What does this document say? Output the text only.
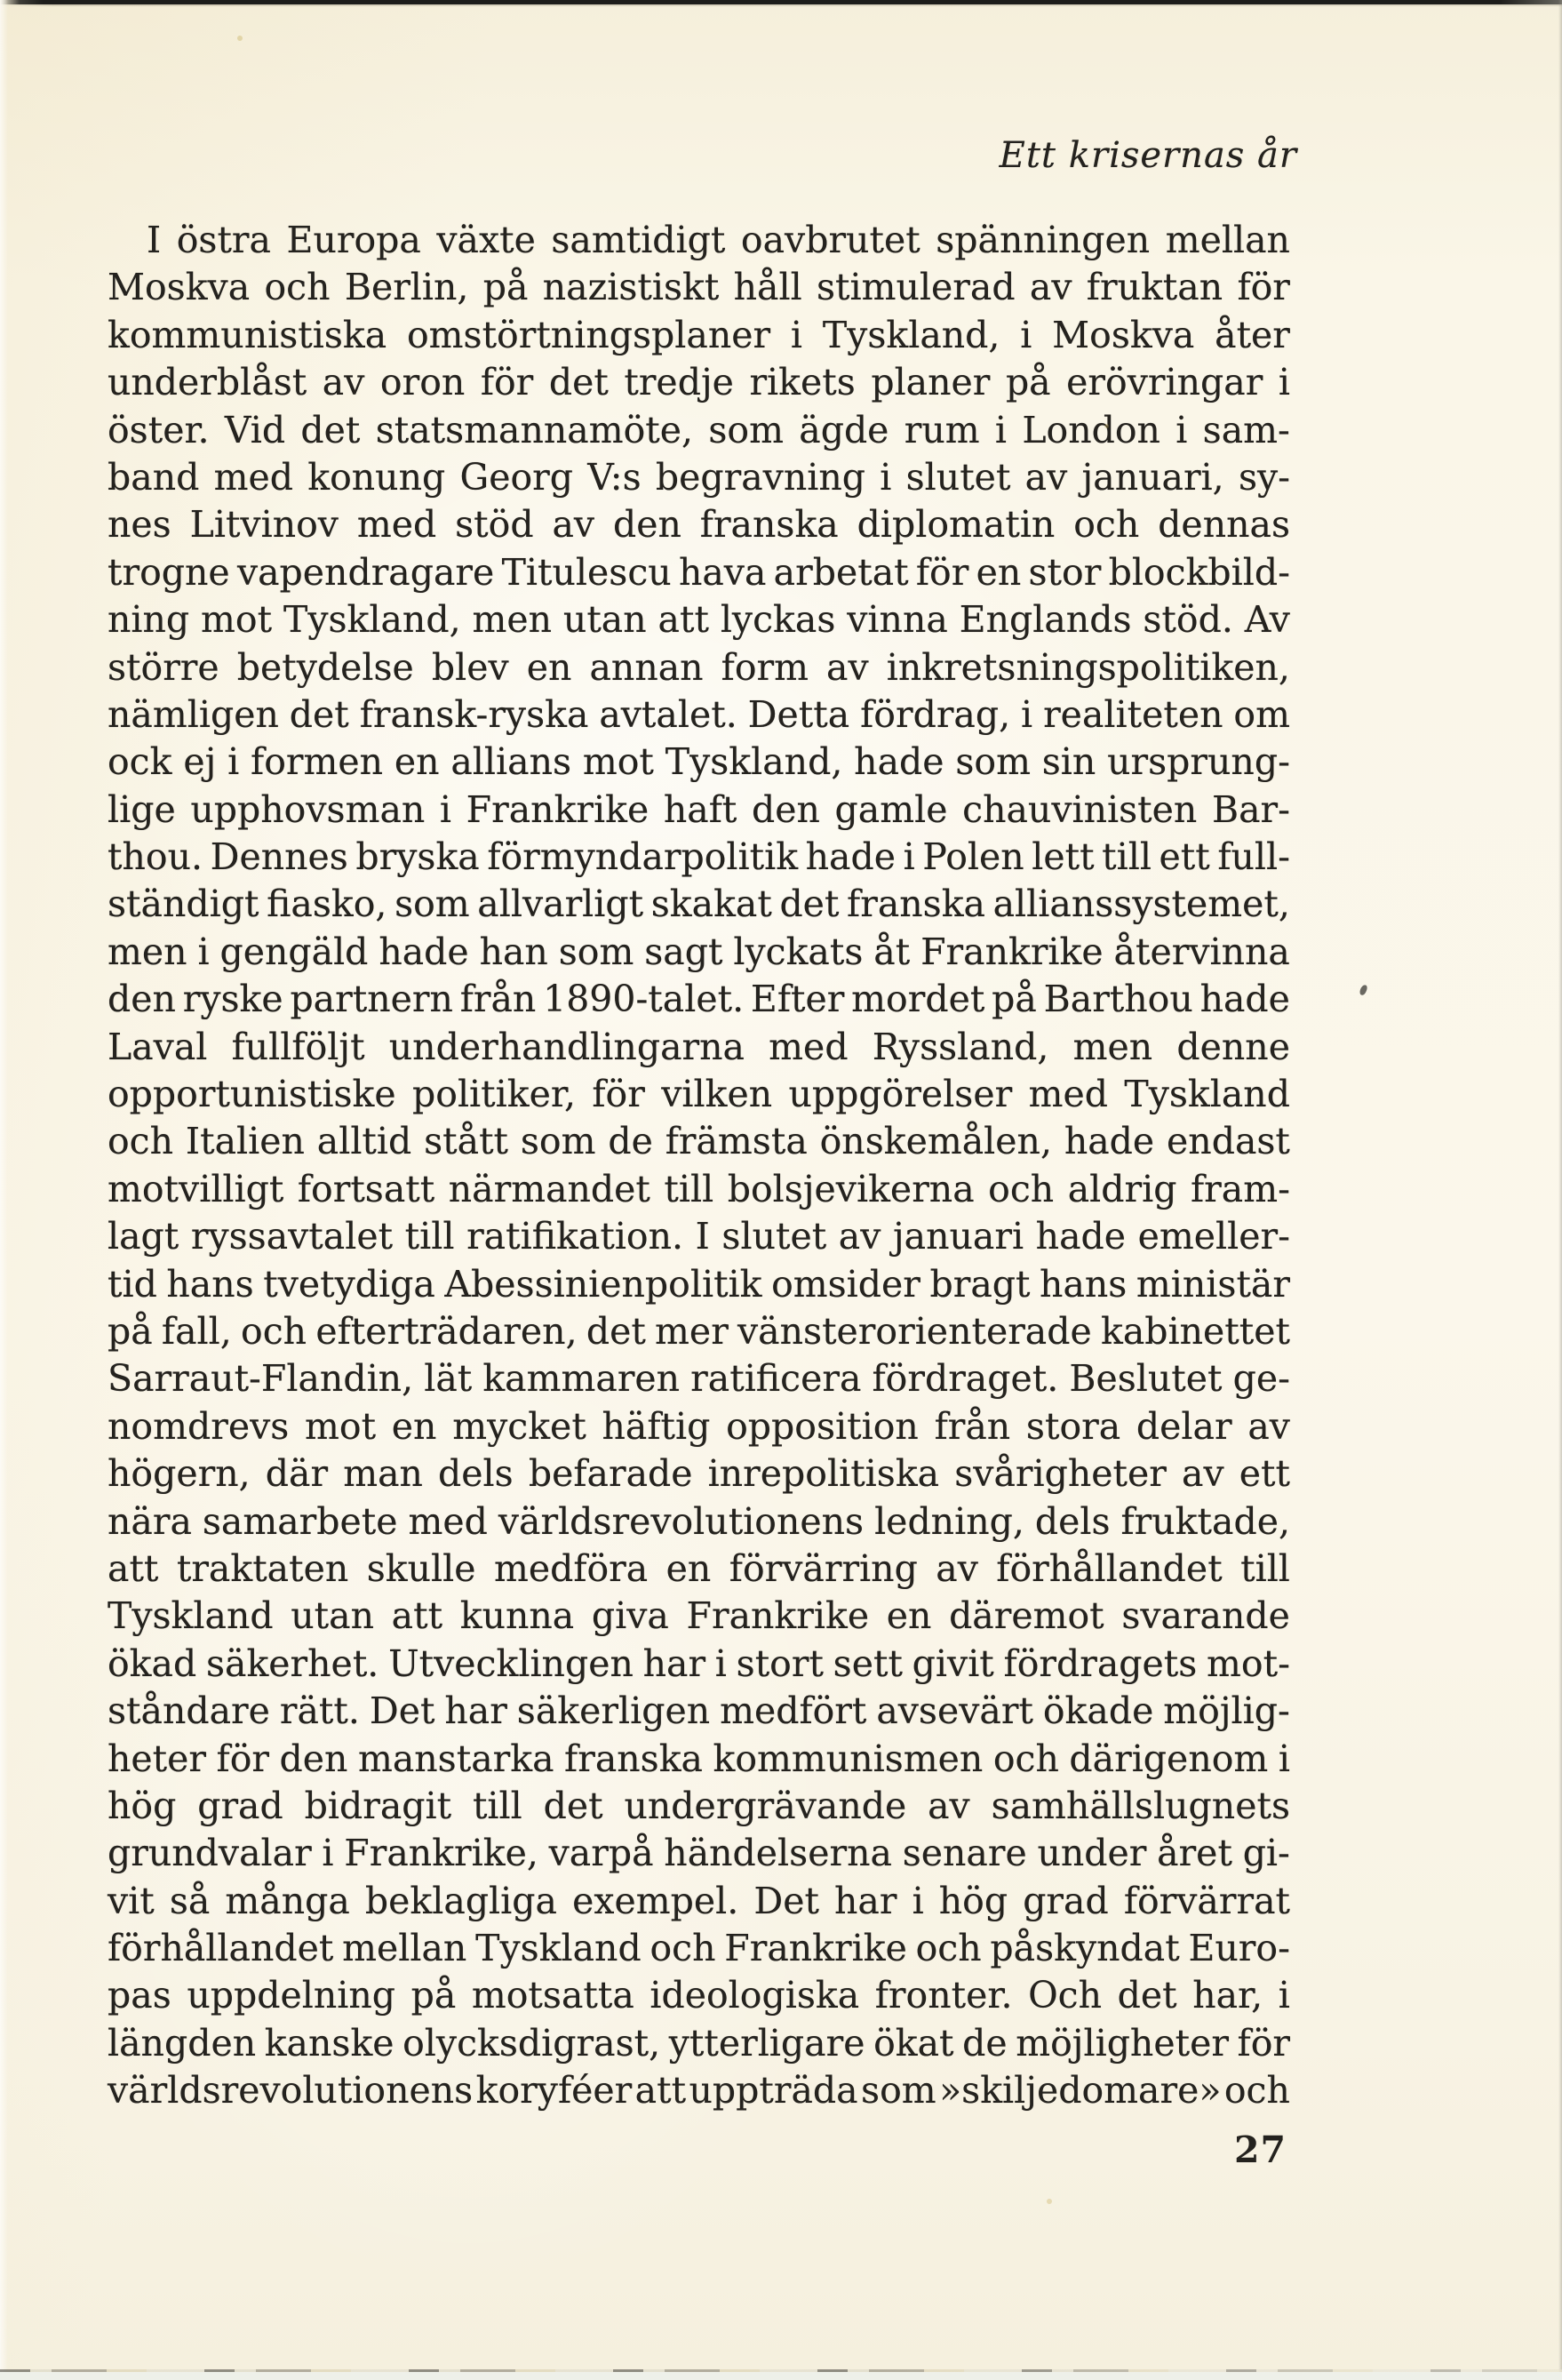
Ett krisernas år
I östra Europa växte samtidigt oavbrutet spänningen mellan
Moskva och Berlin, på nazistiskt håll stimulerad av fruktan för
kommunistiska omstörtningsplaner i Tyskland, i Moskva åter
underblåst av oron för det tredje rikets planer på erövringar i
öster. Vid det statsmannamöte, som ägde rum i London i sam-
band med konung Georg V:s begravning i slutet av januari, sy-
nes Litvinov med stöd av den franska diplomatin och dennas
trogne vapendragare Titulescu hava arbetat för en stor blockbild-
ning mot Tyskland, men utan att lyckas vinna Englands stöd. Av
större betydelse blev en annan form av inkretsningspolitiken,
nämligen det fransk-ryska avtalet. Detta fördrag, i realiteten om
ock ej i formen en allians mot Tyskland, hade som sin ursprung-
lige upphovsman i Frankrike haft den gamle chauvinisten Bar-
thou. Dennes bryska förmyndarpolitik hade i Polen lett till ett full-
ständigt fiasko, som allvarligt skakat det franska allianssystemet,
men i gengäld hade han som sagt lyckats åt Frankrike återvinna
den ryske partnern från 1890-talet. Efter mordet på Barthou hade
Laval fullföljt underhandlingarna med Ryssland, men denne
opportunistiske politiker, för vilken uppgörelser med Tyskland
och Italien alltid stått som de främsta önskemålen, hade endast
motvilligt fortsatt närmandet till bolsjevikerna och aldrig fram-
lagt ryssavtalet till ratifikation. I slutet av januari hade emeller-
tid hans tvetydiga Abessinienpolitik omsider bragt hans ministär
på fall, och efterträdaren, det mer vänsterorienterade kabinettet
Sarraut-Flandin, lät kammaren ratificera fördraget. Beslutet ge-
nomdrevs mot en mycket häftig opposition från stora delar av
högern, där man dels befarade inrepolitiska svårigheter av ett
nära samarbete med världsrevolutionens ledning, dels fruktade,
att traktaten skulle medföra en förvärring av förhållandet till
Tyskland utan att kunna giva Frankrike en däremot svarande
ökad säkerhet. Utvecklingen har i stort sett givit fördragets mot-
ståndare rätt. Det har säkerligen medfört avsevärt ökade möjlig-
heter för den manstarka franska kommunismen och därigenom i
hög grad bidragit till det undergrävande av samhällslugnets
grundvalar i Frankrike, varpå händelserna senare under året gi-
vit så många beklagliga exempel. Det har i hög grad förvärrat
förhållandet mellan Tyskland och Frankrike och påskyndat Euro-
pas uppdelning på motsatta ideologiska fronter. Och det har, i
längden kanske olycksdigrast, ytterligare ökat de möjligheter för
världsrevolutionens koryféer att uppträda som »skiljedomare» och
27
